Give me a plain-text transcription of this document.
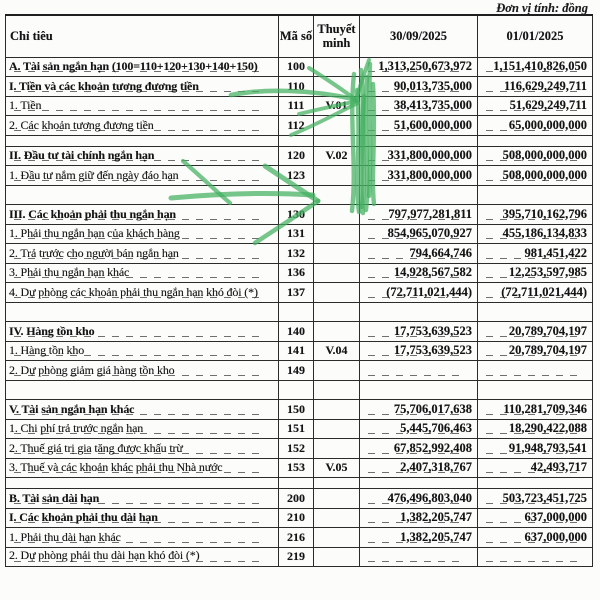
Đơn vị tính: đồng
Chỉ tiêu	Mã số	Thuyết minh	30/09/2025	01/01/2025
A. Tài sản ngắn hạn (100=110+120+130+140+150)	100		1,313,250,673,972	1,151,410,826,050
I. Tiền và các khoản tương đương tiền	110		90,013,735,000	116,629,249,711
1. Tiền	111	V.01	38,413,735,000	51,629,249,711
2. Các khoản tương đương tiền	112		51,600,000,000	65,000,000,000

II. Đầu tư tài chính ngắn hạn	120	V.02	331,800,000,000	508,000,000,000
1. Đầu tư nắm giữ đến ngày đáo hạn	123		331,800,000,000	508,000,000,000

III. Các khoản phải thu ngắn hạn	130		797,977,281,811	395,710,162,796
1. Phải thu ngắn hạn của khách hàng	131		854,965,070,927	455,186,134,833
2. Trả trước cho người bán ngắn hạn	132		794,664,746	981,451,422
3. Phải thu ngắn hạn khác	136		14,928,567,582	12,253,597,985
4. Dự phòng các khoản phải thu ngắn hạn khó đòi (*)	137		(72,711,021,444)	(72,711,021,444)

IV. Hàng tồn kho	140		17,753,639,523	20,789,704,197
1. Hàng tồn kho	141	V.04	17,753,639,523	20,789,704,197
2. Dự phòng giảm giá hàng tồn kho	149			

V. Tài sản ngắn hạn khác	150		75,706,017,638	110,281,709,346
1. Chi phí trả trước ngắn hạn	151		5,445,706,463	18,290,422,088
2. Thuế giá trị gia tăng được khấu trừ	152		67,852,992,408	91,948,793,541
3. Thuế và các khoản khác phải thu Nhà nước	153	V.05	2,407,318,767	42,493,717

B. Tài sản dài hạn	200		476,496,803,040	503,723,451,725
I. Các khoản phải thu dài hạn	210		1,382,205,747	637,000,000
1. Phải thu dài hạn khác	216		1,382,205,747	637,000,000
2. Dự phòng phải thu dài hạn khó đòi (*)	219			
